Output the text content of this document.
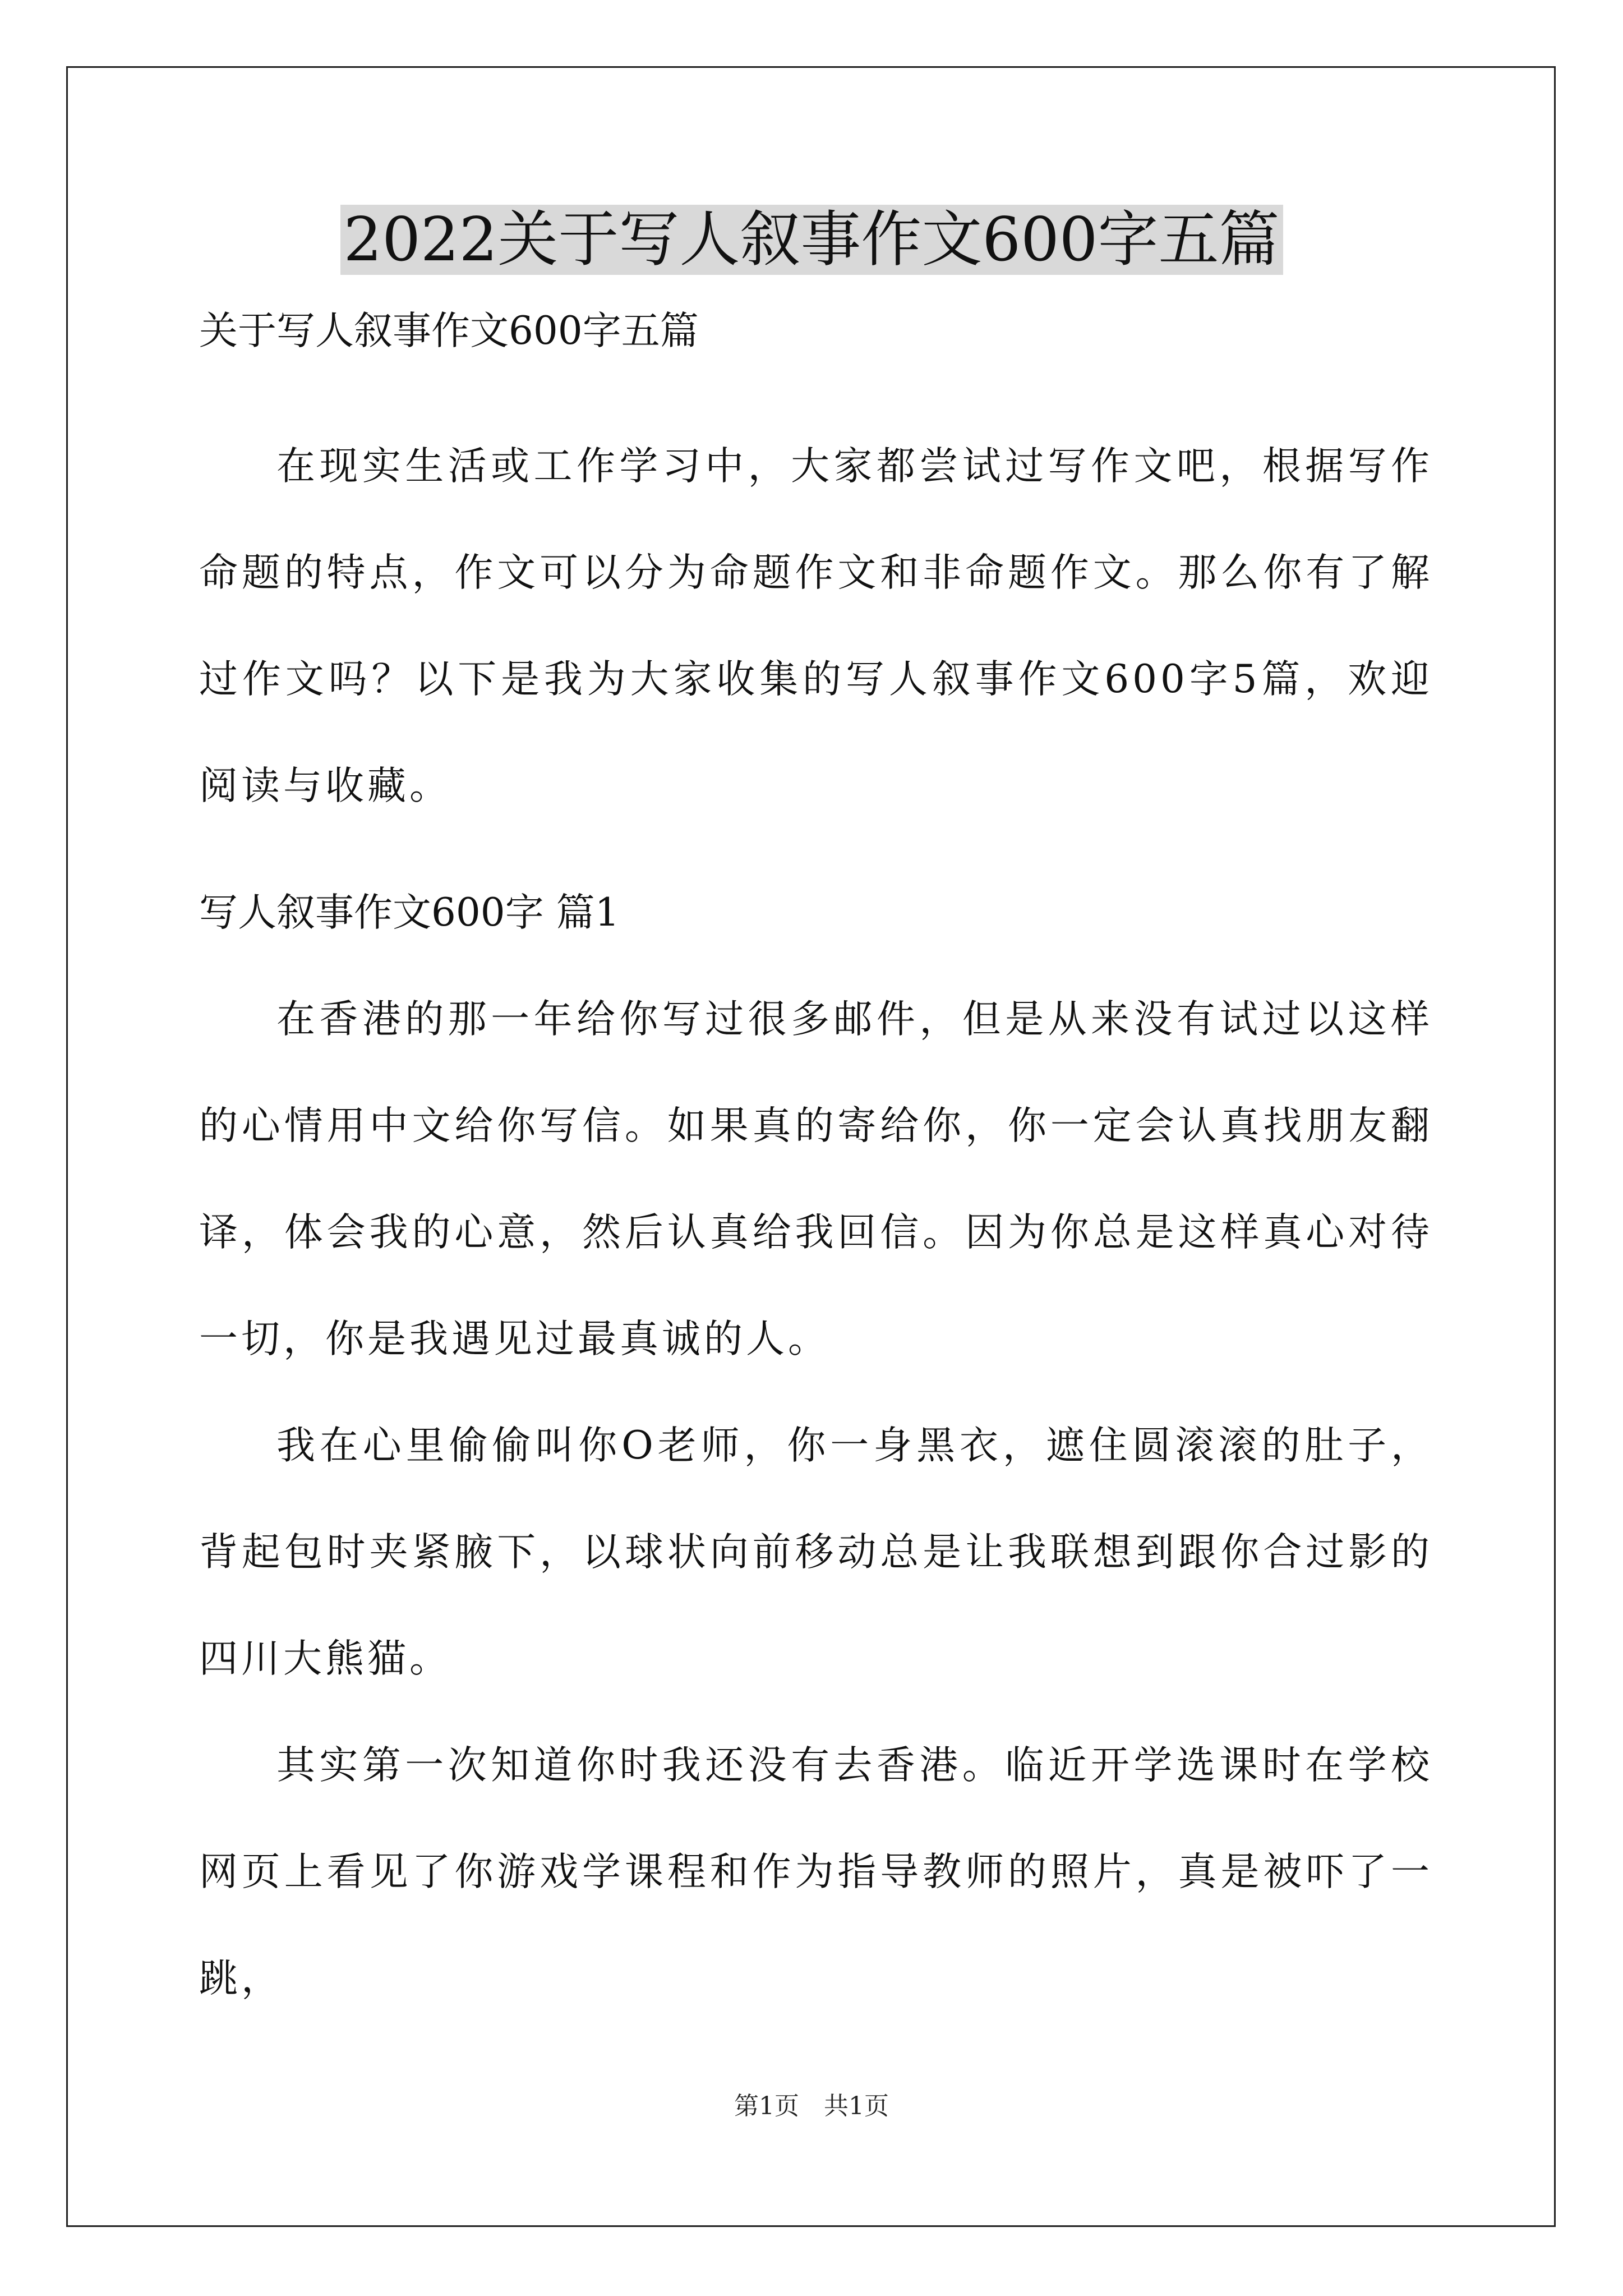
2022关于写人叙事作文600字五篇
关于写人叙事作文600字五篇

在现实生活或工作学习中，大家都尝试过写作文吧，根据写作命题的特点，作文可以分为命题作文和非命题作文。那么你有了解过作文吗？以下是我为大家收集的写人叙事作文600字5篇，欢迎阅读与收藏。

写人叙事作文600字 篇1

在香港的那一年给你写过很多邮件，但是从来没有试过以这样的心情用中文给你写信。如果真的寄给你，你一定会认真找朋友翻译，体会我的心意，然后认真给我回信。因为你总是这样真心对待一切，你是我遇见过最真诚的人。

我在心里偷偷叫你O老师，你一身黑衣，遮住圆滚滚的肚子，背起包时夹紧腋下，以球状向前移动总是让我联想到跟你合过影的四川大熊猫。

其实第一次知道你时我还没有去香港。临近开学选课时在学校网页上看见了你游戏学课程和作为指导教师的照片，真是被吓了一跳，

第1页　共1页
